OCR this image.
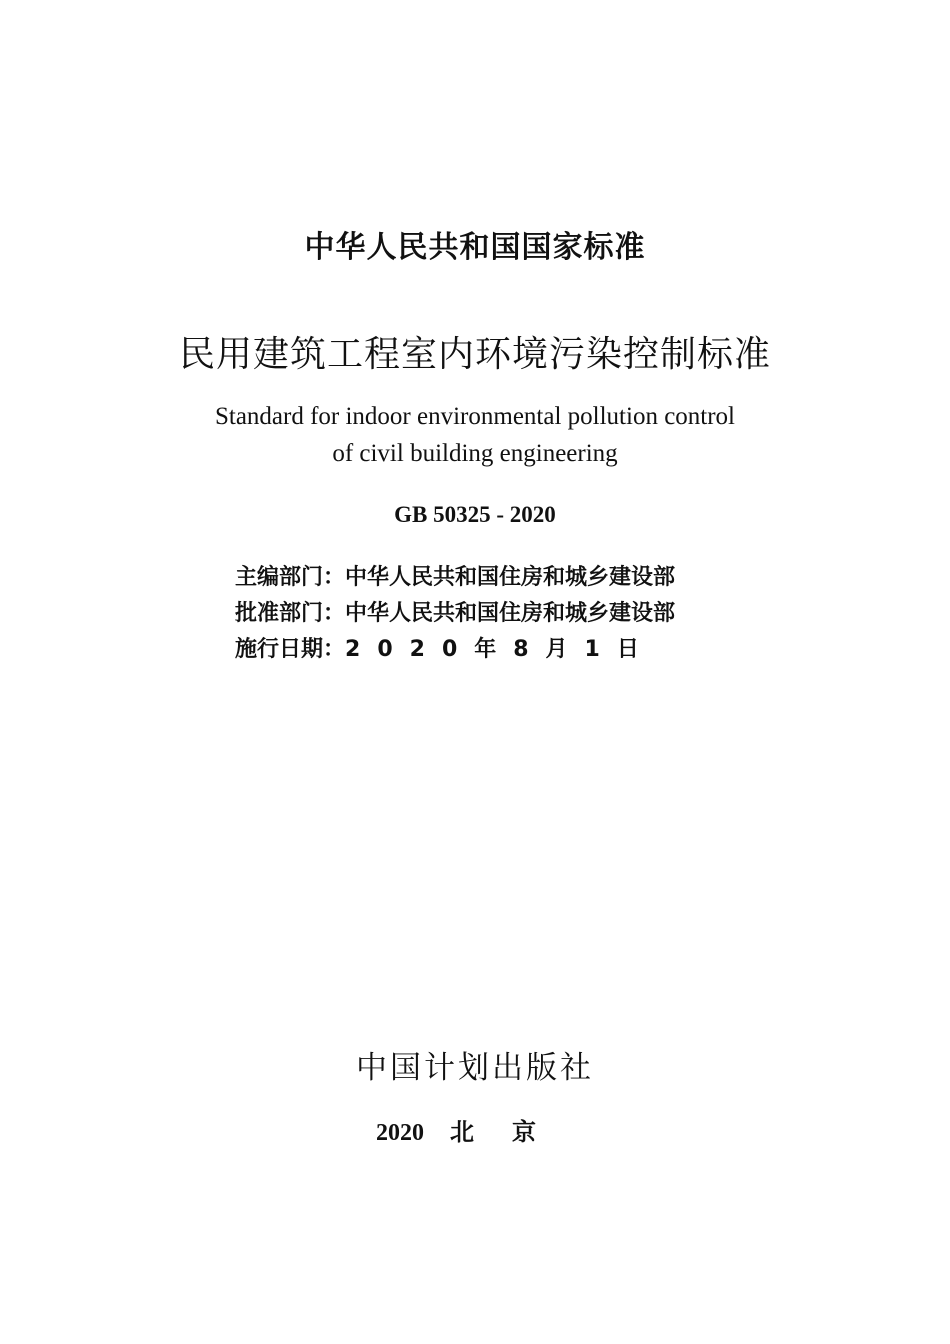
中华人民共和国国家标准
民用建筑工程室内环境污染控制标准
Standard for indoor environmental pollution control
of civil building engineering
GB 50325 - 2020
主编部门：中华人民共和国住房和城乡建设部
批准部门：中华人民共和国住房和城乡建设部
施行日期：2020年8月1日
中国计划出版社
2020 北京
